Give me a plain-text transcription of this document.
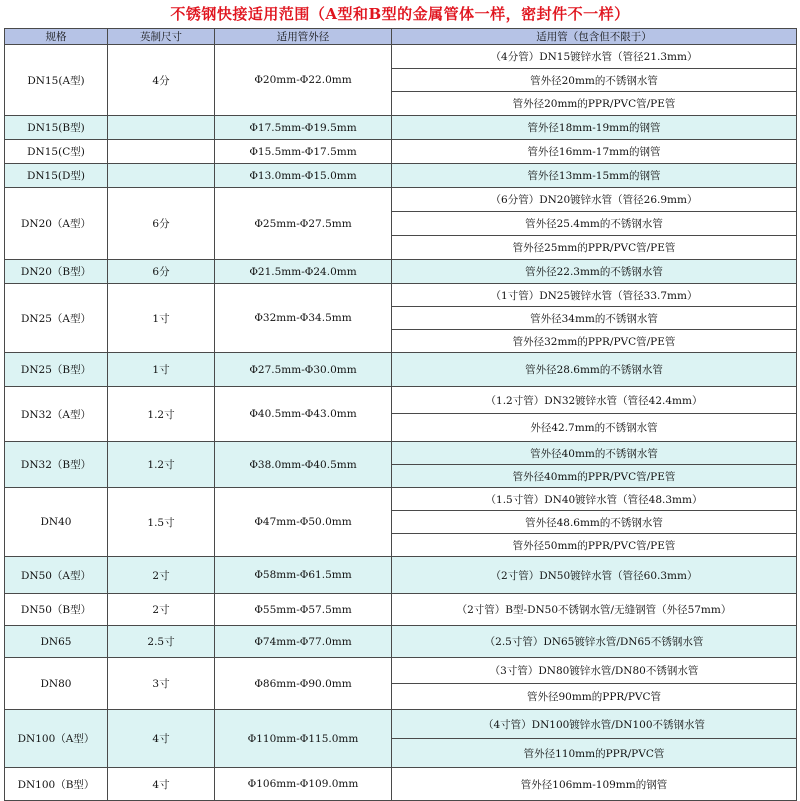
不锈钢快接适用范围（A型和B型的金属管体一样，密封件不一样）
规格	英制尺寸	适用管外径	适用管（包含但不限于）
DN15(A型)	4分	Φ20mm-Φ22.0mm	（4分管）DN15镀锌水管（管径21.3mm）
			管外径20mm的不锈钢水管
			管外径20mm的PPR/PVC管/PE管
DN15(B型)		Φ17.5mm-Φ19.5mm	管外径18mm-19mm的钢管
DN15(C型)		Φ15.5mm-Φ17.5mm	管外径16mm-17mm的钢管
DN15(D型)		Φ13.0mm-Φ15.0mm	管外径13mm-15mm的钢管
DN20（A型）	6分	Φ25mm-Φ27.5mm	（6分管）DN20镀锌水管（管径26.9mm）
			管外径25.4mm的不锈钢水管
			管外径25mm的PPR/PVC管/PE管
DN20（B型）	6分	Φ21.5mm-Φ24.0mm	管外径22.3mm的不锈钢水管
DN25（A型）	1寸	Φ32mm-Φ34.5mm	（1寸管）DN25镀锌水管（管径33.7mm）
			管外径34mm的不锈钢水管
			管外径32mm的PPR/PVC管/PE管
DN25（B型）	1寸	Φ27.5mm-Φ30.0mm	管外径28.6mm的不锈钢水管
DN32（A型）	1.2寸	Φ40.5mm-Φ43.0mm	（1.2寸管）DN32镀锌水管（管径42.4mm）
			外径42.7mm的不锈钢水管
DN32（B型）	1.2寸	Φ38.0mm-Φ40.5mm	管外径40mm的不锈钢水管
			管外径40mm的PPR/PVC管/PE管
DN40	1.5寸	Φ47mm-Φ50.0mm	（1.5寸管）DN40镀锌水管（管径48.3mm）
			管外径48.6mm的不锈钢水管
			管外径50mm的PPR/PVC管/PE管
DN50（A型）	2寸	Φ58mm-Φ61.5mm	（2寸管）DN50镀锌水管（管径60.3mm）
DN50（B型）	2寸	Φ55mm-Φ57.5mm	（2寸管）B型-DN50不锈钢水管/无缝钢管（外径57mm）
DN65	2.5寸	Φ74mm-Φ77.0mm	（2.5寸管）DN65镀锌水管/DN65不锈钢水管
DN80	3寸	Φ86mm-Φ90.0mm	（3寸管）DN80镀锌水管/DN80不锈钢水管
			管外径90mm的PPR/PVC管
DN100（A型）	4寸	Φ110mm-Φ115.0mm	（4寸管）DN100镀锌水管/DN100不锈钢水管
			管外径110mm的PPR/PVC管
DN100（B型）	4寸	Φ106mm-Φ109.0mm	管外径106mm-109mm的钢管
